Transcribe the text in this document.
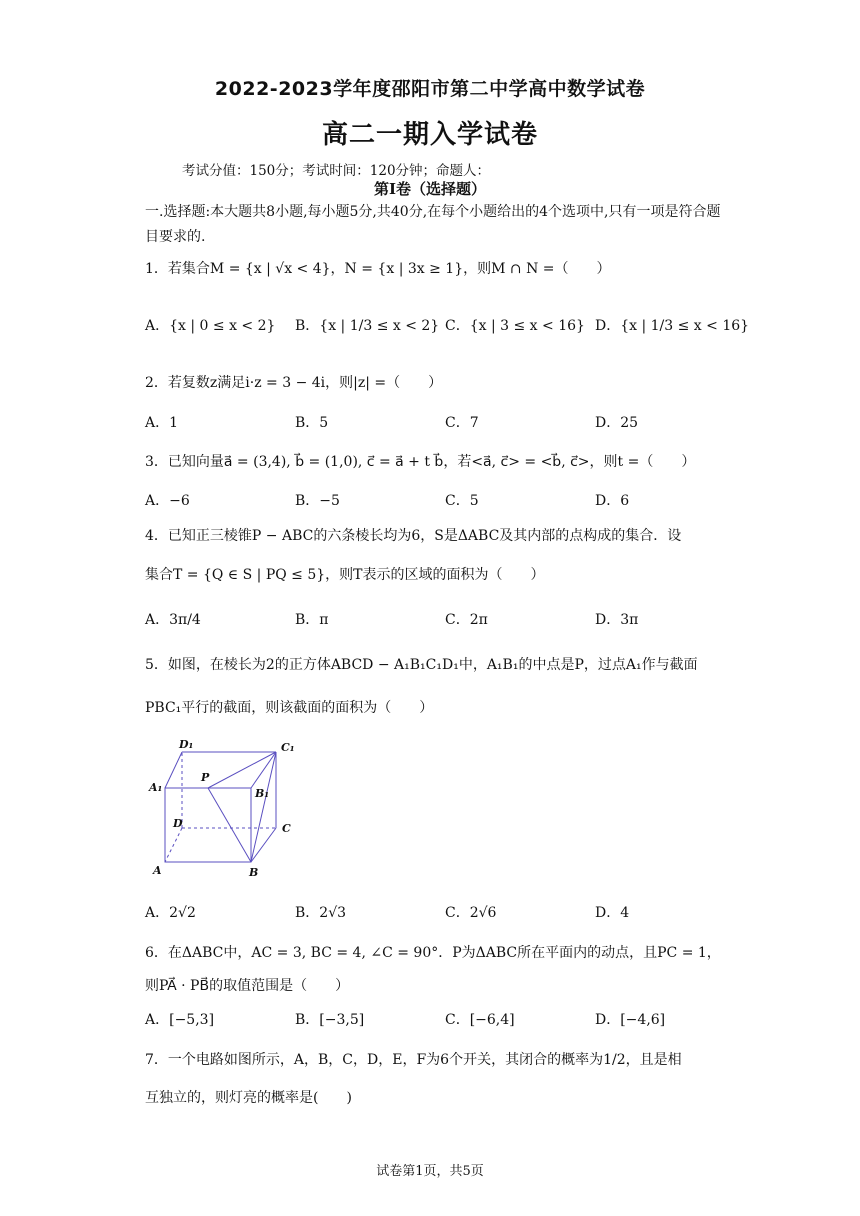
2022-2023学年度邵阳市第二中学高中数学试卷
高二一期入学试卷
考试分值：150分；考试时间：120分钟；命题人：
第I卷（选择题）
一.选择题:本大题共8小题,每小题5分,共40分,在每个小题给出的4个选项中,只有一项是符合题目要求的.
1．若集合M = {x | √x < 4}，N = {x | 3x ≥ 1}，则M ∩ N =（　　）
A．{x | 0 ≤ x < 2} B．{x | 1/3 ≤ x < 2} C．{x | 3 ≤ x < 16} D．{x | 1/3 ≤ x < 16}
2．若复数z满足i·z = 3 − 4i，则|z| =（　　）
A．1	B．5	C．7	D．25
3．已知向量a⃗ = (3,4), b⃗ = (1,0), c⃗ = a⃗ + t b⃗，若<a⃗, c⃗> = <b⃗, c⃗>，则t =（　　）
A．−6	B．−5	C．5	D．6
4．已知正三棱锥P − ABC的六条棱长均为6，S是ΔABC及其内部的点构成的集合．设
集合T = {Q ∈ S | PQ ≤ 5}，则T表示的区域的面积为（　　）
A．3π/4	B．π	C．2π	D．3π
5．如图，在棱长为2的正方体ABCD − A₁B₁C₁D₁中，A₁B₁的中点是P，过点A₁作与截面
PBC₁平行的截面，则该截面的面积为（　　）
D₁	C₁
P
A₁	B₁
D	C
A	B
A．2√2	B．2√3	C．2√6	D．4
6．在ΔABC中，AC = 3, BC = 4, ∠C = 90°．P为ΔABC所在平面内的动点，且PC = 1，
则PA⃗ · PB⃗的取值范围是（　　）
A．[−5,3]	B．[−3,5]	C．[−6,4]	D．[−4,6]
7．一个电路如图所示，A，B，C，D，E，F为6个开关，其闭合的概率为1/2，且是相
互独立的，则灯亮的概率是(　　)
试卷第1页，共5页
